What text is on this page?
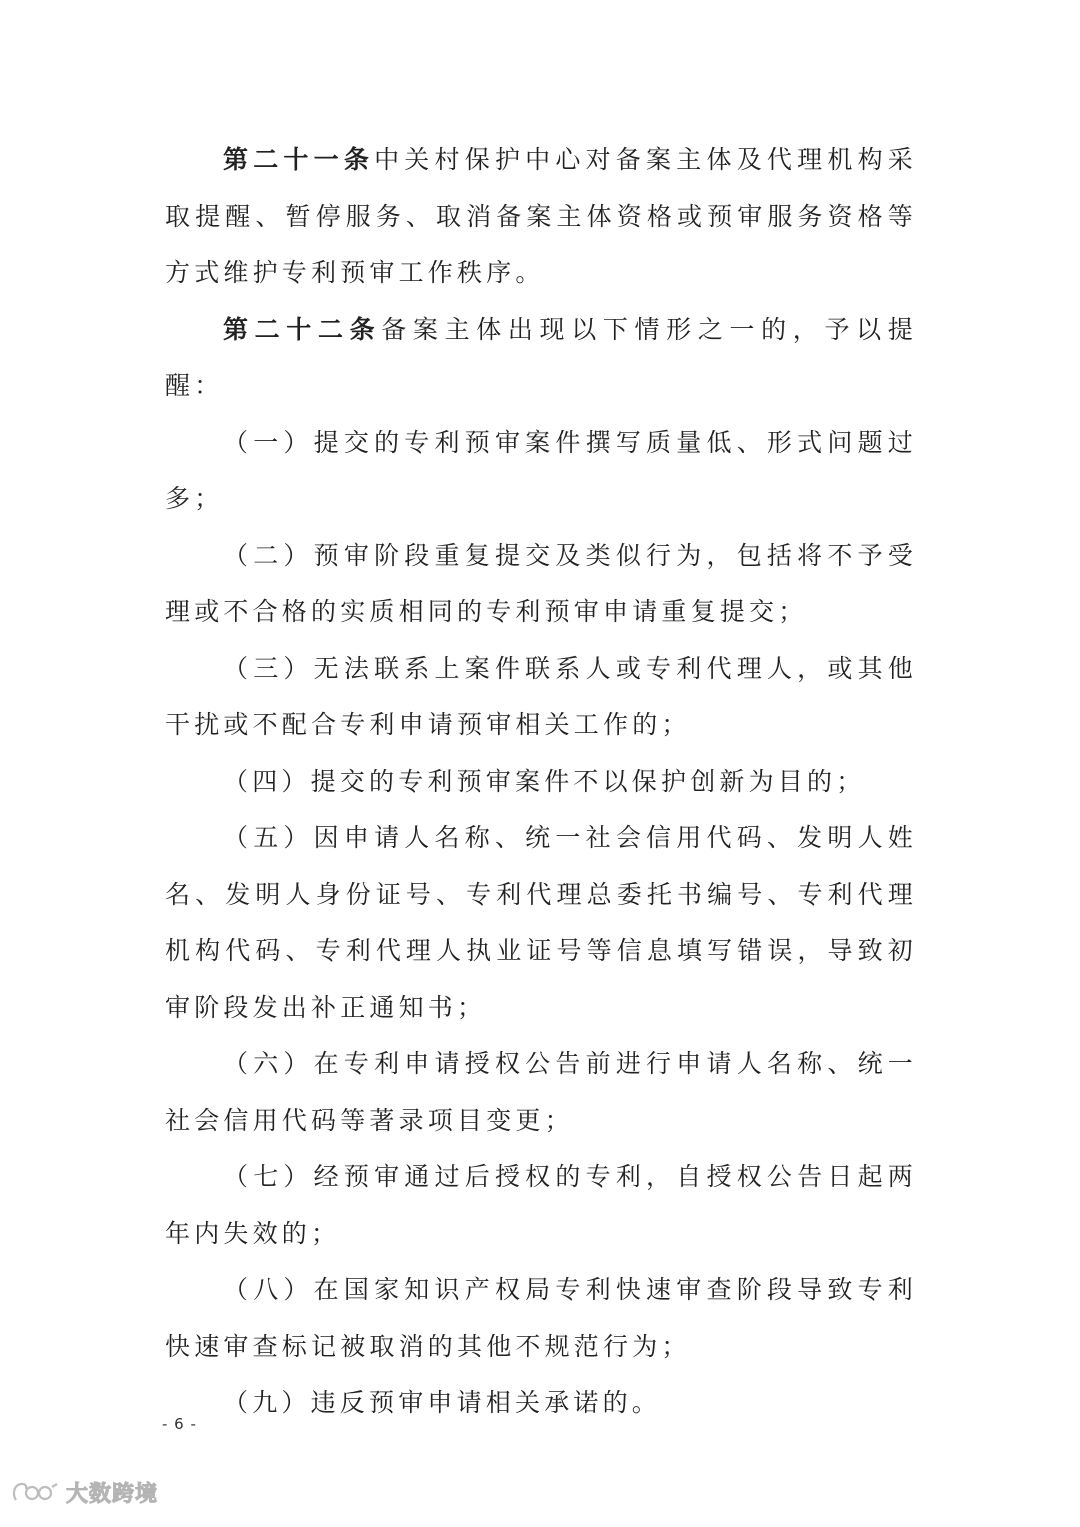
第二十一条中关村保护中心对备案主体及代理机构采取提醒、暂停服务、取消备案主体资格或预审服务资格等方式维护专利预审工作秩序。

第二十二条备案主体出现以下情形之一的，予以提醒：

（一）提交的专利预审案件撰写质量低、形式问题过多；

（二）预审阶段重复提交及类似行为，包括将不予受理或不合格的实质相同的专利预审申请重复提交；

（三）无法联系上案件联系人或专利代理人，或其他干扰或不配合专利申请预审相关工作的；

（四）提交的专利预审案件不以保护创新为目的；

（五）因申请人名称、统一社会信用代码、发明人姓名、发明人身份证号、专利代理总委托书编号、专利代理机构代码、专利代理人执业证号等信息填写错误，导致初审阶段发出补正通知书；

（六）在专利申请授权公告前进行申请人名称、统一社会信用代码等著录项目变更；

（七）经预审通过后授权的专利，自授权公告日起两年内失效的；

（八）在国家知识产权局专利快速审查阶段导致专利快速审查标记被取消的其他不规范行为；

（九）违反预审申请相关承诺的。

- 6 -
大数跨境
